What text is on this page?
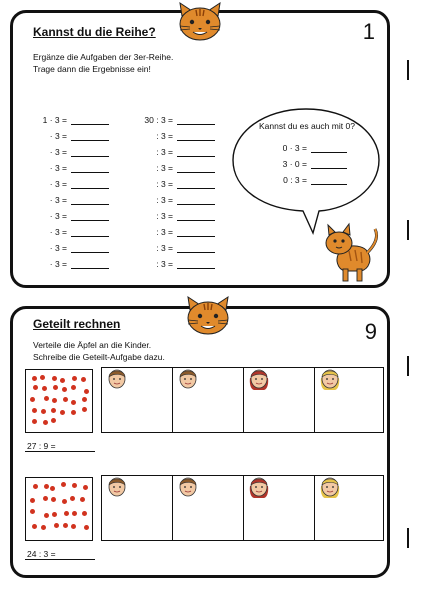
Kannst du die Reihe?	1
Ergänze die Aufgaben der 3er-Reihe.
Trage dann die Ergebnisse ein!
1 · 3 =
· 3 =
· 3 =
· 3 =
· 3 =
· 3 =
· 3 =
· 3 =
· 3 =
· 3 =
30 : 3 =
: 3 =
: 3 =
: 3 =
: 3 =
: 3 =
: 3 =
: 3 =
: 3 =
: 3 =
Kannst du es auch mit 0?
0 · 3 =
3 · 0 =
0 : 3 =
Geteilt rechnen	9
Verteile die Äpfel an die Kinder.
Schreibe die Geteilt-Aufgabe dazu.
27 : 9 =
24 : 3 =
